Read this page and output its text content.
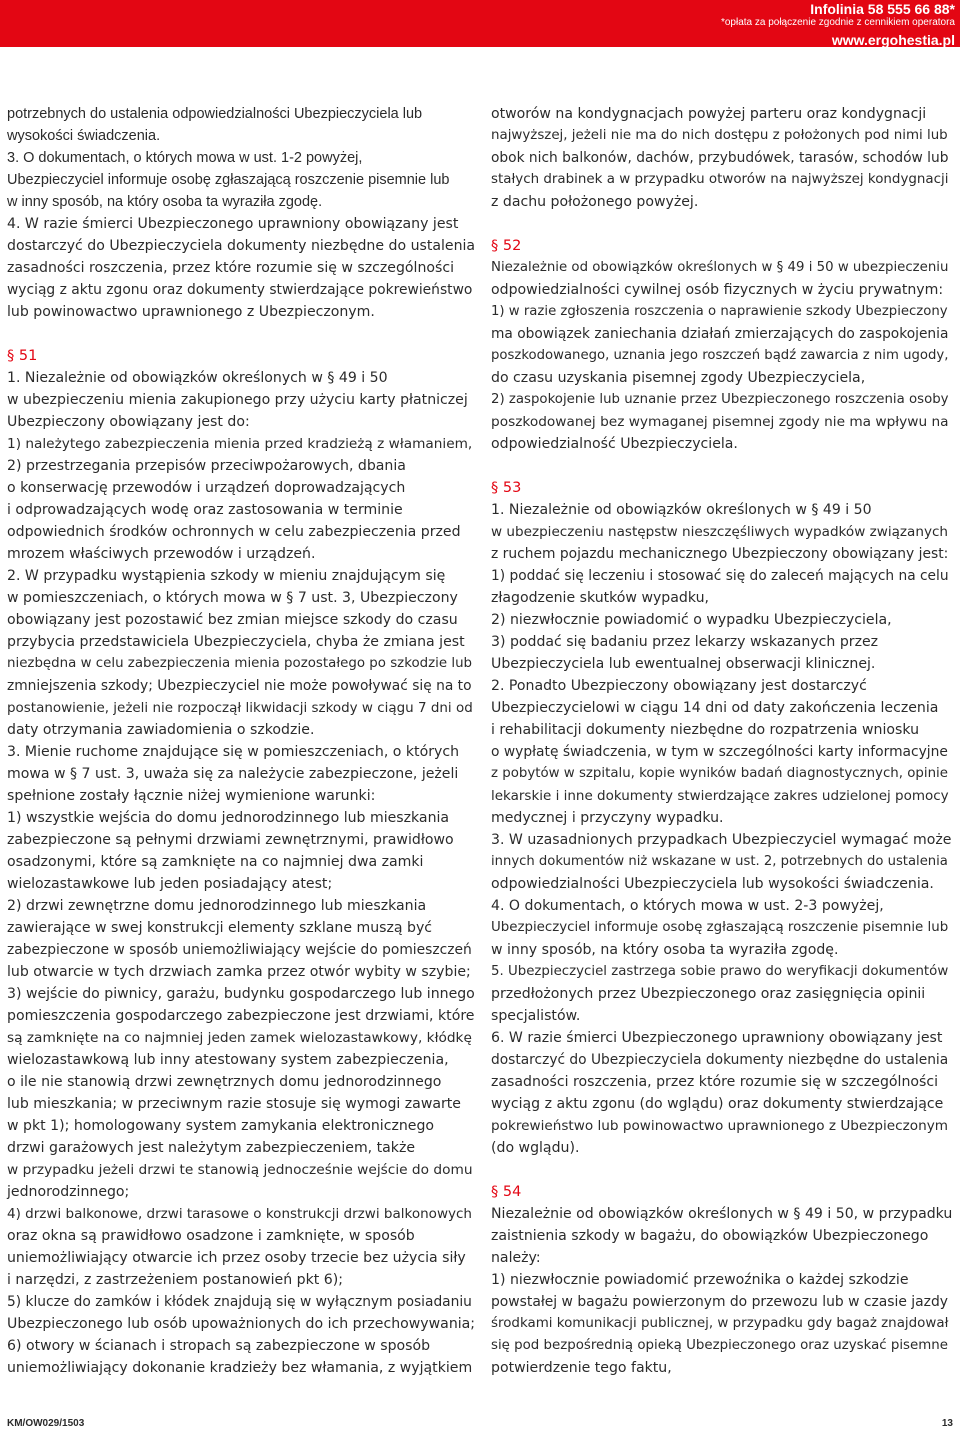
Infolinia 58 555 66 88*
*opłata za połączenie zgodnie z cennikiem operatora
www.ergohestia.pl

potrzebnych do ustalenia odpowiedzialności Ubezpieczyciela lub

wysokości świadczenia.

3. O dokumentach, o których mowa w ust. 1-2 powyżej,

Ubezpieczyciel informuje osobę zgłaszającą roszczenie pisemnie lub

w inny sposób, na który osoba ta wyraziła zgodę.

4. W razie śmierci Ubezpieczonego uprawniony obowiązany jest

dostarczyć do Ubezpieczyciela dokumenty niezbędne do ustalenia

zasadności roszczenia, przez które rozumie się w szczególności

wyciąg z aktu zgonu oraz dokumenty stwierdzające pokrewieństwo

lub powinowactwo uprawnionego z Ubezpieczonym.

§ 51

1. Niezależnie od obowiązków określonych w § 49 i 50

w ubezpieczeniu mienia zakupionego przy użyciu karty płatniczej

Ubezpieczony obowiązany jest do:

1) należytego zabezpieczenia mienia przed kradzieżą z włamaniem,

2) przestrzegania przepisów przeciwpożarowych, dbania

o konserwację przewodów i urządzeń doprowadzających

i odprowadzających wodę oraz zastosowania w terminie

odpowiednich środków ochronnych w celu zabezpieczenia przed

mrozem właściwych przewodów i urządzeń.

2. W przypadku wystąpienia szkody w mieniu znajdującym się

w pomieszczeniach, o których mowa w § 7 ust. 3, Ubezpieczony

obowiązany jest pozostawić bez zmian miejsce szkody do czasu

przybycia przedstawiciela Ubezpieczyciela, chyba że zmiana jest

niezbędna w celu zabezpieczenia mienia pozostałego po szkodzie lub

zmniejszenia szkody; Ubezpieczyciel nie może powoływać się na to

postanowienie, jeżeli nie rozpoczął likwidacji szkody w ciągu 7 dni od

daty otrzymania zawiadomienia o szkodzie.

3. Mienie ruchome znajdujące się w pomieszczeniach, o których

mowa w § 7 ust. 3, uważa się za należycie zabezpieczone, jeżeli

spełnione zostały łącznie niżej wymienione warunki:

1) wszystkie wejścia do domu jednorodzinnego lub mieszkania

zabezpieczone są pełnymi drzwiami zewnętrznymi, prawidłowo

osadzonymi, które są zamknięte na co najmniej dwa zamki

wielozastawkowe lub jeden posiadający atest;

2) drzwi zewnętrzne domu jednorodzinnego lub mieszkania

zawierające w swej konstrukcji elementy szklane muszą być

zabezpieczone w sposób uniemożliwiający wejście do pomieszczeń

lub otwarcie w tych drzwiach zamka przez otwór wybity w szybie;

3) wejście do piwnicy, garażu, budynku gospodarczego lub innego

pomieszczenia gospodarczego zabezpieczone jest drzwiami, które

są zamknięte na co najmniej jeden zamek wielozastawkowy, kłódkę

wielozastawkową lub inny atestowany system zabezpieczenia,

o ile nie stanowią drzwi zewnętrznych domu jednorodzinnego

lub mieszkania; w przeciwnym razie stosuje się wymogi zawarte

w pkt 1); homologowany system zamykania elektronicznego

drzwi garażowych jest należytym zabezpieczeniem, także

w przypadku jeżeli drzwi te stanowią jednocześnie wejście do domu

jednorodzinnego;

4) drzwi balkonowe, drzwi tarasowe o konstrukcji drzwi balkonowych

oraz okna są prawidłowo osadzone i zamknięte, w sposób

uniemożliwiający otwarcie ich przez osoby trzecie bez użycia siły

i narzędzi, z zastrzeżeniem postanowień pkt 6);

5) klucze do zamków i kłódek znajdują się w wyłącznym posiadaniu

Ubezpieczonego lub osób upoważnionych do ich przechowywania;

6) otwory w ścianach i stropach są zabezpieczone w sposób

uniemożliwiający dokonanie kradzieży bez włamania, z wyjątkiem

otworów na kondygnacjach powyżej parteru oraz kondygnacji

najwyższej, jeżeli nie ma do nich dostępu z położonych pod nimi lub

obok nich balkonów, dachów, przybudówek, tarasów, schodów lub

stałych drabinek a w przypadku otworów na najwyższej kondygnacji

z dachu położonego powyżej.

§ 52

Niezależnie od obowiązków określonych w § 49 i 50 w ubezpieczeniu

odpowiedzialności cywilnej osób fizycznych w życiu prywatnym:

1) w razie zgłoszenia roszczenia o naprawienie szkody Ubezpieczony

ma obowiązek zaniechania działań zmierzających do zaspokojenia

poszkodowanego, uznania jego roszczeń bądź zawarcia z nim ugody,

do czasu uzyskania pisemnej zgody Ubezpieczyciela,

2) zaspokojenie lub uznanie przez Ubezpieczonego roszczenia osoby

poszkodowanej bez wymaganej pisemnej zgody nie ma wpływu na

odpowiedzialność Ubezpieczyciela.

§ 53

1. Niezależnie od obowiązków określonych w § 49 i 50

w ubezpieczeniu następstw nieszczęśliwych wypadków związanych

z ruchem pojazdu mechanicznego Ubezpieczony obowiązany jest:

1) poddać się leczeniu i stosować się do zaleceń mających na celu

złagodzenie skutków wypadku,

2) niezwłocznie powiadomić o wypadku Ubezpieczyciela,

3) poddać się badaniu przez lekarzy wskazanych przez

Ubezpieczyciela lub ewentualnej obserwacji klinicznej.

2. Ponadto Ubezpieczony obowiązany jest dostarczyć

Ubezpieczycielowi w ciągu 14 dni od daty zakończenia leczenia

i rehabilitacji dokumenty niezbędne do rozpatrzenia wniosku

o wypłatę świadczenia, w tym w szczególności karty informacyjne

z pobytów w szpitalu, kopie wyników badań diagnostycznych, opinie

lekarskie i inne dokumenty stwierdzające zakres udzielonej pomocy

medycznej i przyczyny wypadku.

3. W uzasadnionych przypadkach Ubezpieczyciel wymagać może

innych dokumentów niż wskazane w ust. 2, potrzebnych do ustalenia

odpowiedzialności Ubezpieczyciela lub wysokości świadczenia.

4. O dokumentach, o których mowa w ust. 2-3 powyżej,

Ubezpieczyciel informuje osobę zgłaszającą roszczenie pisemnie lub

w inny sposób, na który osoba ta wyraziła zgodę.

5. Ubezpieczyciel zastrzega sobie prawo do weryfikacji dokumentów

przedłożonych przez Ubezpieczonego oraz zasięgnięcia opinii

specjalistów.

6. W razie śmierci Ubezpieczonego uprawniony obowiązany jest

dostarczyć do Ubezpieczyciela dokumenty niezbędne do ustalenia

zasadności roszczenia, przez które rozumie się w szczególności

wyciąg z aktu zgonu (do wglądu) oraz dokumenty stwierdzające

pokrewieństwo lub powinowactwo uprawnionego z Ubezpieczonym

(do wglądu).

§ 54

Niezależnie od obowiązków określonych w § 49 i 50, w przypadku

zaistnienia szkody w bagażu, do obowiązków Ubezpieczonego

należy:

1) niezwłocznie powiadomić przewoźnika o każdej szkodzie

powstałej w bagażu powierzonym do przewozu lub w czasie jazdy

środkami komunikacji publicznej, w przypadku gdy bagaż znajdował

się pod bezpośrednią opieką Ubezpieczonego oraz uzyskać pisemne

potwierdzenie tego faktu,

KM/OW029/1503	13
